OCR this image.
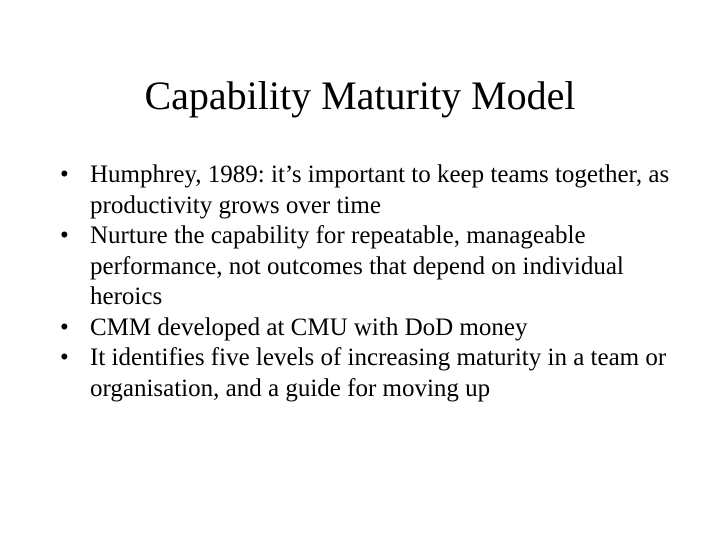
Capability Maturity Model
• Humphrey, 1989: it’s important to keep teams together, as productivity grows over time
• Nurture the capability for repeatable, manageable performance, not outcomes that depend on individual heroics
• CMM developed at CMU with DoD money
• It identifies five levels of increasing maturity in a team or organisation, and a guide for moving up
